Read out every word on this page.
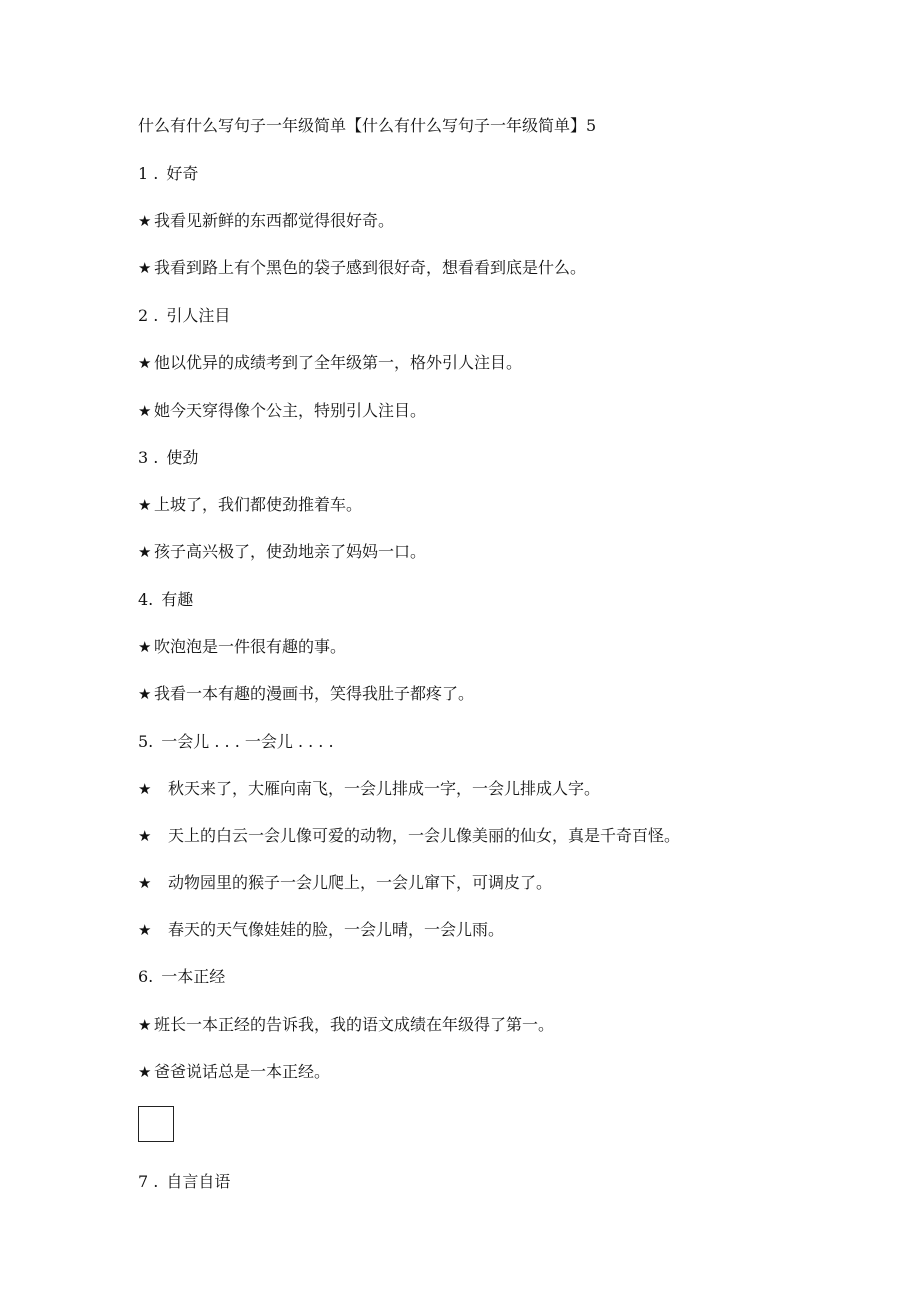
什么有什么写句子一年级简单【什么有什么写句子一年级简单】5
1 . 好奇
★ 我看见新鲜的东西都觉得很好奇。
★ 我看到路上有个黑色的袋子感到很好奇，想看看到底是什么。
2 . 引人注目
★ 他以优异的成绩考到了全年级第一，格外引人注目。
★ 她今天穿得像个公主，特别引人注目。
3 . 使劲
★ 上坡了，我们都使劲推着车。
★ 孩子高兴极了，使劲地亲了妈妈一口。
4. 有趣
★ 吹泡泡是一件很有趣的事。
★ 我看一本有趣的漫画书，笑得我肚子都疼了。
5. 一会儿 . . . 一会儿 . . . .
★ 秋天来了，大雁向南飞，一会儿排成一字，一会儿排成人字。
★ 天上的白云一会儿像可爱的动物，一会儿像美丽的仙女，真是千奇百怪。
★ 动物园里的猴子一会儿爬上，一会儿窜下，可调皮了。
★ 春天的天气像娃娃的脸，一会儿晴，一会儿雨。
6. 一本正经
★ 班长一本正经的告诉我，我的语文成绩在年级得了第一。
★ 爸爸说话总是一本正经。
7 . 自言自语
